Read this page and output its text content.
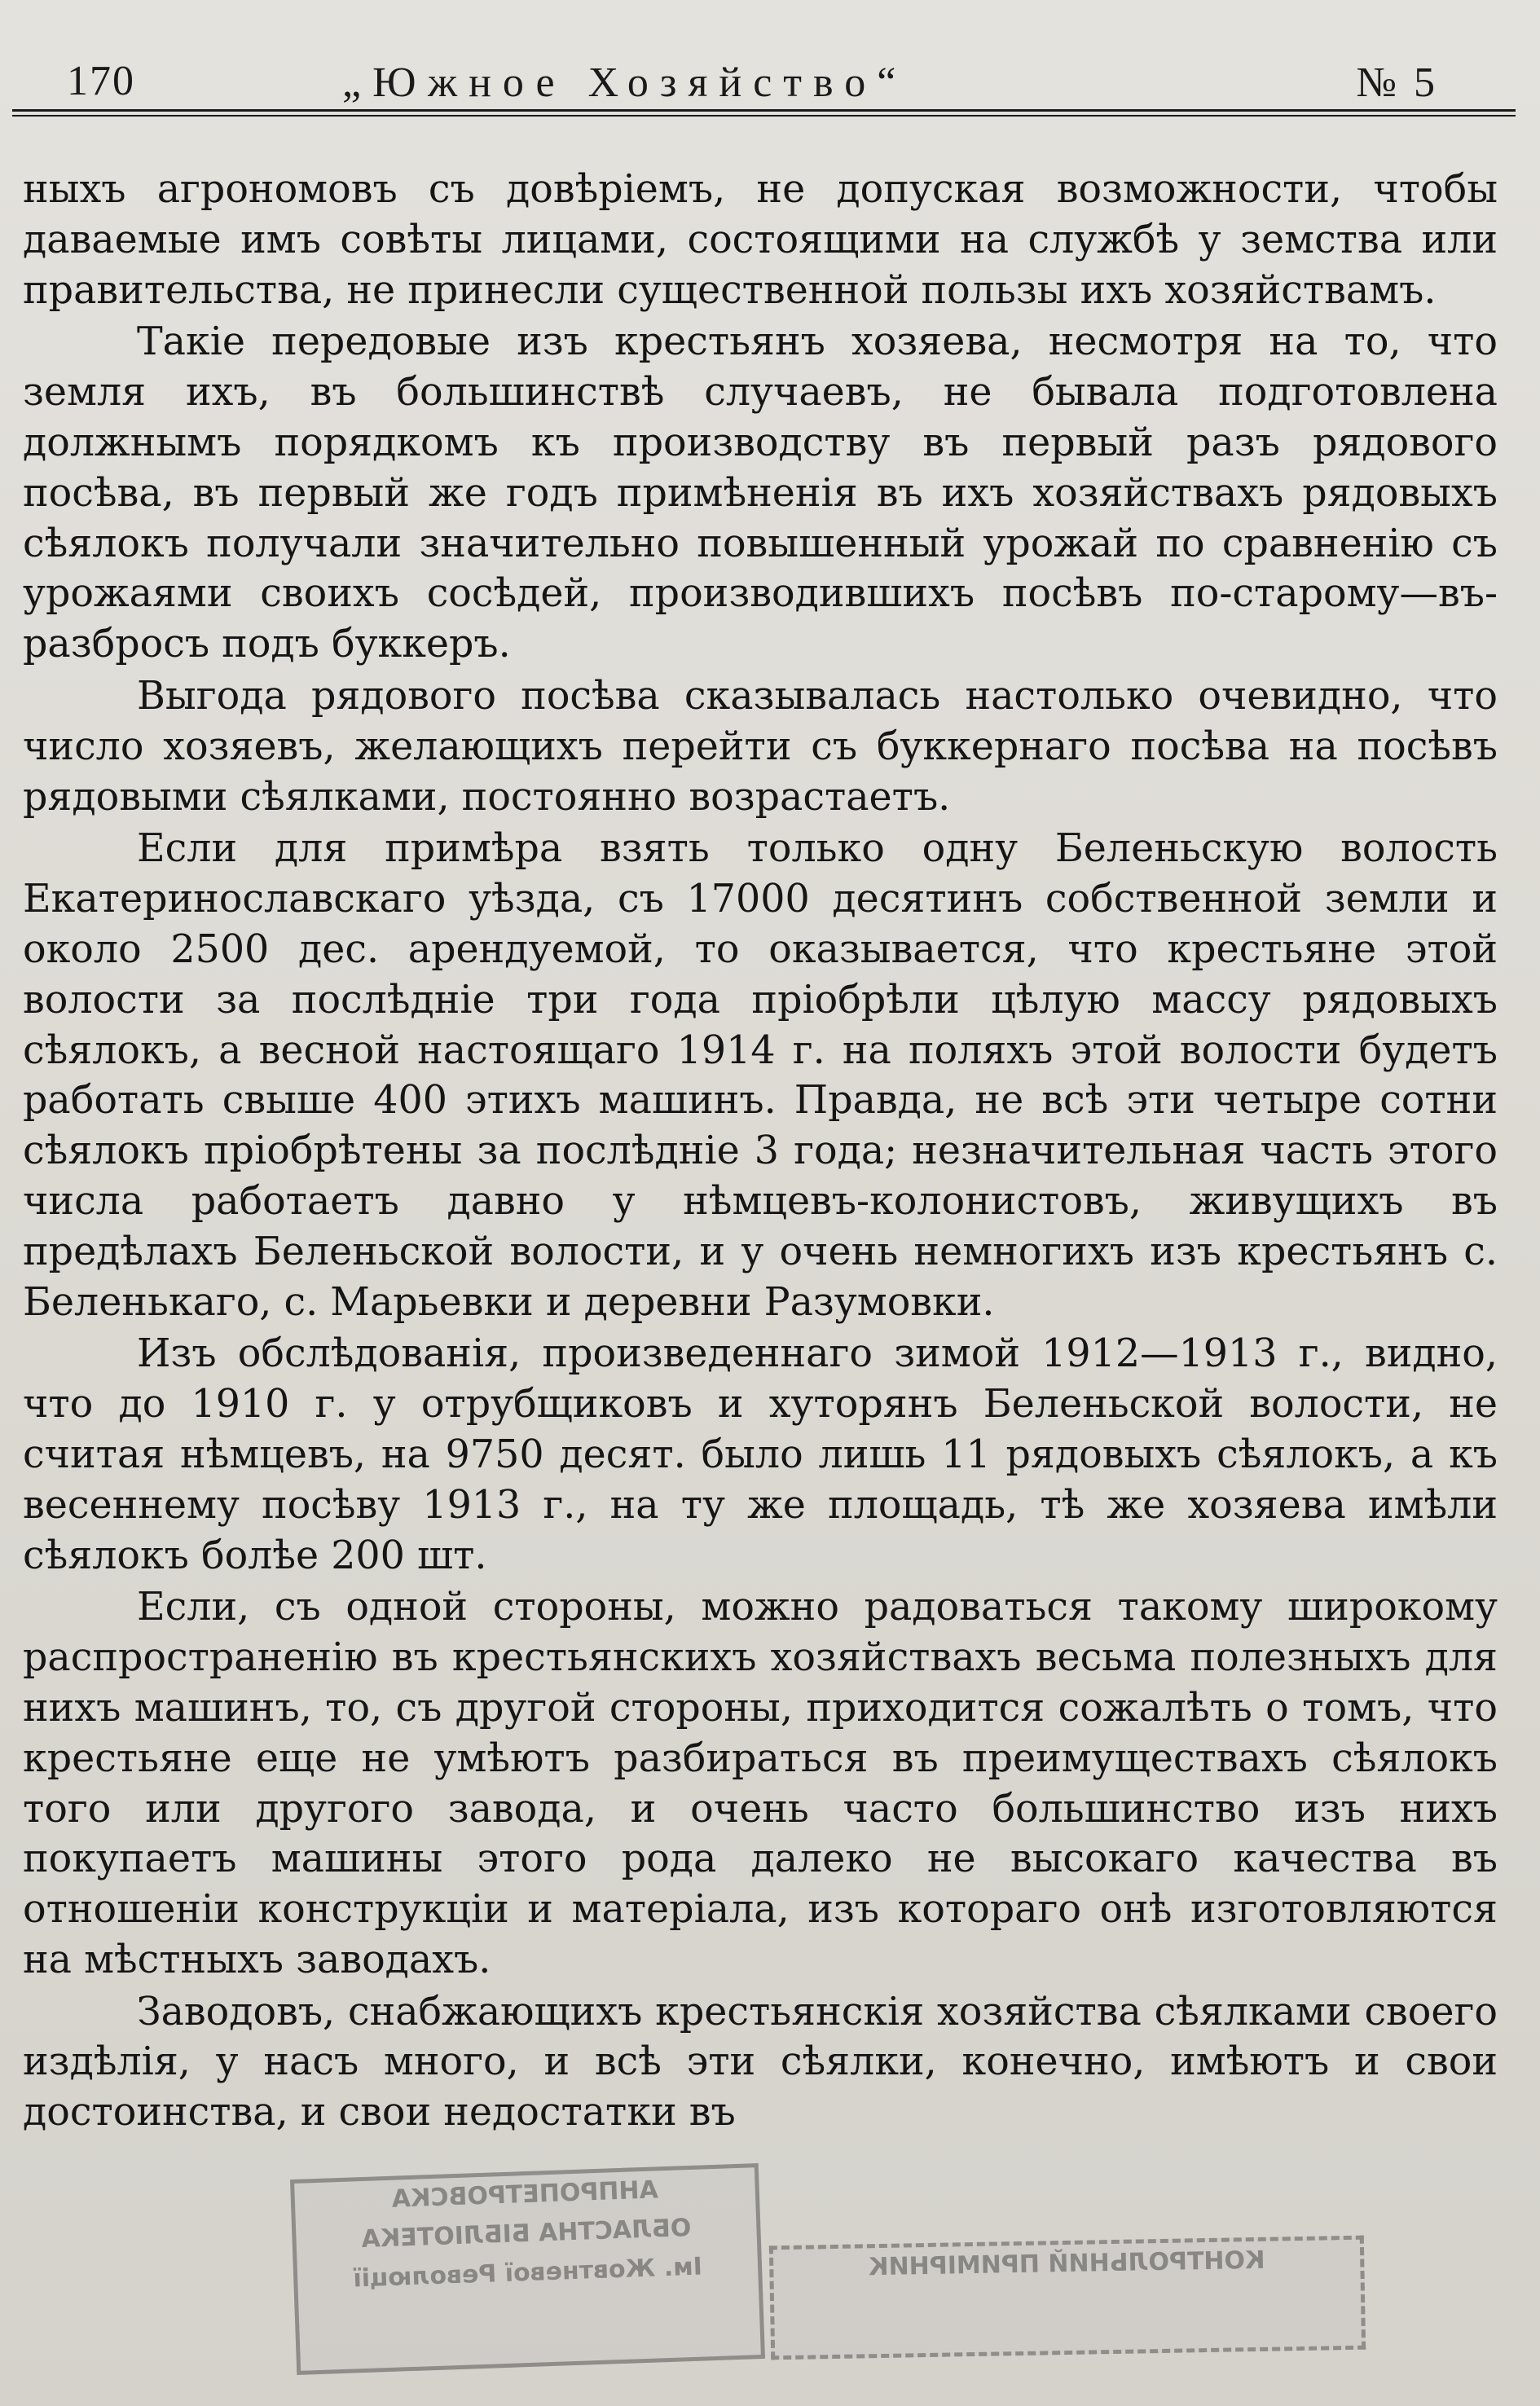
170	„Южное Хозяйство“	№ 5

ныхъ агрономовъ съ довѣріемъ, не допуская возможности, чтобы даваемые имъ совѣты лицами, состоящими на службѣ у земства или правительства, не принесли существенной пользы ихъ хозяйствамъ.

Такіе передовые изъ крестьянъ хозяева, несмотря на то, что земля ихъ, въ большинствѣ случаевъ, не бывала подготовлена должнымъ порядкомъ къ производству въ первый разъ рядового посѣва, въ первый же годъ примѣненія въ ихъ хозяйствахъ рядовыхъ сѣялокъ получали значительно повышенный урожай по сравненію съ урожаями своихъ сосѣдей, производившихъ посѣвъ по-старому—въ-разбросъ подъ буккеръ.

Выгода рядового посѣва сказывалась настолько очевидно, что число хозяевъ, желающихъ перейти съ буккернаго посѣва на посѣвъ рядовыми сѣялками, постоянно возрастаетъ.

Если для примѣра взять только одну Беленьскую волость Екатеринославскаго уѣзда, съ 17000 десятинъ собственной земли и около 2500 дес. арендуемой, то оказывается, что крестьяне этой волости за послѣдніе три года пріобрѣли цѣлую массу рядовыхъ сѣялокъ, а весной настоящаго 1914 г. на поляхъ этой волости будетъ работать свыше 400 этихъ машинъ. Правда, не всѣ эти четыре сотни сѣялокъ пріобрѣтены за послѣдніе 3 года; незначительная часть этого числа работаетъ давно у нѣмцевъ-колонистовъ, живущихъ въ предѣлахъ Беленьской волости, и у очень немногихъ изъ крестьянъ с. Беленькаго, с. Марьевки и деревни Разумовки.

Изъ обслѣдованія, произведеннаго зимой 1912—1913 г., видно, что до 1910 г. у отрубщиковъ и хуторянъ Беленьской волости, не считая нѣмцевъ, на 9750 десят. было лишь 11 рядовыхъ сѣялокъ, а къ весеннему посѣву 1913 г., на ту же площадь, тѣ же хозяева имѣли сѣялокъ болѣе 200 шт.

Если, съ одной стороны, можно радоваться такому широкому распространенію въ крестьянскихъ хозяйствахъ весьма полезныхъ для нихъ машинъ, то, съ другой стороны, приходится сожалѣть о томъ, что крестьяне еще не умѣютъ разбираться въ преимуществахъ сѣялокъ того или другого завода, и очень часто большинство изъ нихъ покупаетъ машины этого рода далеко не высокаго качества въ отношеніи конструкціи и матеріала, изъ котораго онѣ изготовляются на мѣстныхъ заводахъ.

Заводовъ, снабжающихъ крестьянскія хозяйства сѣялками своего издѣлія, у насъ много, и всѣ эти сѣялки, конечно, имѣютъ и свои достоинства, и свои недостатки въ

АНПРОПЕТРОВСКА
ОБЛАСТНА БІБЛІОТЕКА
Ім. Жовтневої Революції	КОНТРОЛЬНИЙ ПРИМІРНИК
